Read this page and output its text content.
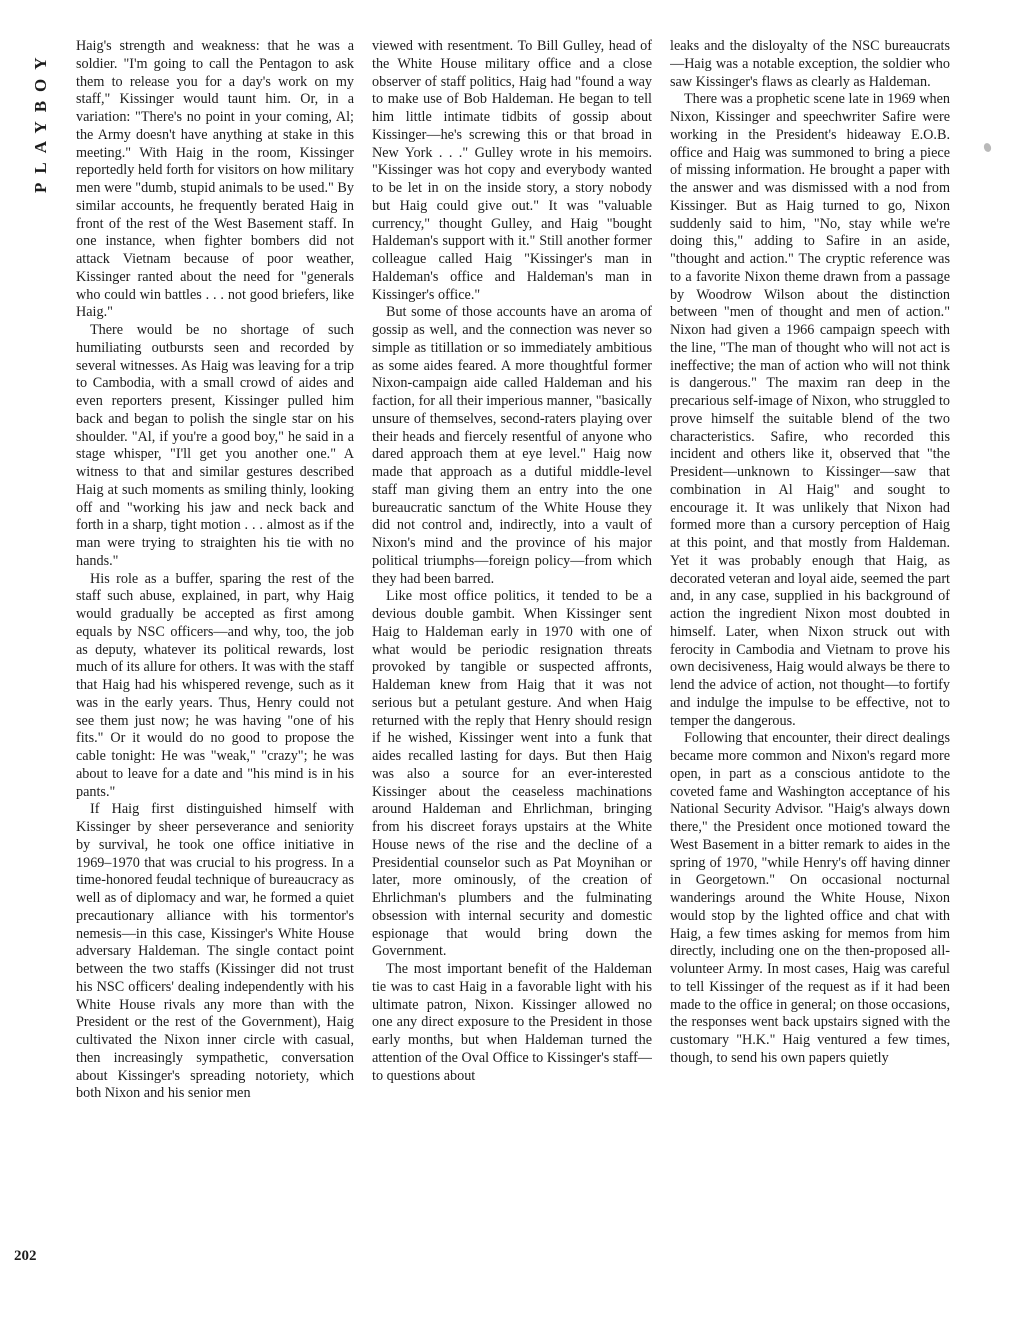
PLAYBOY
202

Haig's strength and weakness: that he was a soldier. "I'm going to call the Pentagon to ask them to release you for a day's work on my staff," Kissinger would taunt him. Or, in a variation: "There's no point in your coming, Al; the Army doesn't have anything at stake in this meeting." With Haig in the room, Kissinger reportedly held forth for visitors on how military men were "dumb, stupid animals to be used." By similar accounts, he frequently berated Haig in front of the rest of the West Basement staff. In one instance, when fighter bombers did not attack Vietnam because of poor weather, Kissinger ranted about the need for "generals who could win battles . . . not good briefers, like Haig."

There would be no shortage of such humiliating outbursts seen and recorded by several witnesses. As Haig was leaving for a trip to Cambodia, with a small crowd of aides and even reporters present, Kissinger pulled him back and began to polish the single star on his shoulder. "Al, if you're a good boy," he said in a stage whisper, "I'll get you another one." A witness to that and similar gestures described Haig at such moments as smiling thinly, looking off and "working his jaw and neck back and forth in a sharp, tight motion . . . almost as if the man were trying to straighten his tie with no hands."

His role as a buffer, sparing the rest of the staff such abuse, explained, in part, why Haig would gradually be accepted as first among equals by NSC officers—and why, too, the job as deputy, whatever its political rewards, lost much of its allure for others. It was with the staff that Haig had his whispered revenge, such as it was in the early years. Thus, Henry could not see them just now; he was having "one of his fits." Or it would do no good to propose the cable tonight: He was "weak," "crazy"; he was about to leave for a date and "his mind is in his pants."

If Haig first distinguished himself with Kissinger by sheer perseverance and seniority by survival, he took one office initiative in 1969–1970 that was crucial to his progress. In a time-honored feudal technique of bureaucracy as well as of diplomacy and war, he formed a quiet precautionary alliance with his tormentor's nemesis—in this case, Kissinger's White House adversary Haldeman. The single contact point between the two staffs (Kissinger did not trust his NSC officers' dealing independently with his White House rivals any more than with the President or the rest of the Government), Haig cultivated the Nixon inner circle with casual, then increasingly sympathetic, conversation about Kissinger's spreading notoriety, which both Nixon and his senior men

viewed with resentment. To Bill Gulley, head of the White House military office and a close observer of staff politics, Haig had "found a way to make use of Bob Haldeman. He began to tell him little intimate tidbits of gossip about Kissinger—he's screwing this or that broad in New York . . ." Gulley wrote in his memoirs. "Kissinger was hot copy and everybody wanted to be let in on the inside story, a story nobody but Haig could give out." It was "valuable currency," thought Gulley, and Haig "bought Haldeman's support with it." Still another former colleague called Haig "Kissinger's man in Haldeman's office and Haldeman's man in Kissinger's office."

But some of those accounts have an aroma of gossip as well, and the connection was never so simple as titillation or so immediately ambitious as some aides feared. A more thoughtful former Nixon-campaign aide called Haldeman and his faction, for all their imperious manner, "basically unsure of themselves, second-raters playing over their heads and fiercely resentful of anyone who dared approach them at eye level." Haig now made that approach as a dutiful middle-level staff man giving them an entry into the one bureaucratic sanctum of the White House they did not control and, indirectly, into a vault of Nixon's mind and the province of his major political triumphs—foreign policy—from which they had been barred.

Like most office politics, it tended to be a devious double gambit. When Kissinger sent Haig to Haldeman early in 1970 with one of what would be periodic resignation threats provoked by tangible or suspected affronts, Haldeman knew from Haig that it was not serious but a petulant gesture. And when Haig returned with the reply that Henry should resign if he wished, Kissinger went into a funk that aides recalled lasting for days. But then Haig was also a source for an ever-interested Kissinger about the ceaseless machinations around Haldeman and Ehrlichman, bringing from his discreet forays upstairs at the White House news of the rise and the decline of a Presidential counselor such as Pat Moynihan or later, more ominously, of the creation of Ehrlichman's plumbers and the fulminating obsession with internal security and domestic espionage that would bring down the Government.

The most important benefit of the Haldeman tie was to cast Haig in a favorable light with his ultimate patron, Nixon. Kissinger allowed no one any direct exposure to the President in those early months, but when Haldeman turned the attention of the Oval Office to Kissinger's staff—to questions about

leaks and the disloyalty of the NSC bureaucrats—Haig was a notable exception, the soldier who saw Kissinger's flaws as clearly as Haldeman.

There was a prophetic scene late in 1969 when Nixon, Kissinger and speechwriter Safire were working in the President's hideaway E.O.B. office and Haig was summoned to bring a piece of missing information. He brought a paper with the answer and was dismissed with a nod from Kissinger. But as Haig turned to go, Nixon suddenly said to him, "No, stay while we're doing this," adding to Safire in an aside, "thought and action." The cryptic reference was to a favorite Nixon theme drawn from a passage by Woodrow Wilson about the distinction between "men of thought and men of action." Nixon had given a 1966 campaign speech with the line, "The man of thought who will not act is ineffective; the man of action who will not think is dangerous." The maxim ran deep in the precarious self-image of Nixon, who struggled to prove himself the suitable blend of the two characteristics. Safire, who recorded this incident and others like it, observed that "the President—unknown to Kissinger—saw that combination in Al Haig" and sought to encourage it. It was unlikely that Nixon had formed more than a cursory perception of Haig at this point, and that mostly from Haldeman. Yet it was probably enough that Haig, as decorated veteran and loyal aide, seemed the part and, in any case, supplied in his background of action the ingredient Nixon most doubted in himself. Later, when Nixon struck out with ferocity in Cambodia and Vietnam to prove his own decisiveness, Haig would always be there to lend the advice of action, not thought—to fortify and indulge the impulse to be effective, not to temper the dangerous.

Following that encounter, their direct dealings became more common and Nixon's regard more open, in part as a conscious antidote to the coveted fame and Washington acceptance of his National Security Advisor. "Haig's always down there," the President once motioned toward the West Basement in a bitter remark to aides in the spring of 1970, "while Henry's off having dinner in Georgetown." On occasional nocturnal wanderings around the White House, Nixon would stop by the lighted office and chat with Haig, a few times asking for memos from him directly, including one on the then-proposed all-volunteer Army. In most cases, Haig was careful to tell Kissinger of the request as if it had been made to the office in general; on those occasions, the responses went back upstairs signed with the customary "H.K." Haig ventured a few times, though, to send his own papers quietly
